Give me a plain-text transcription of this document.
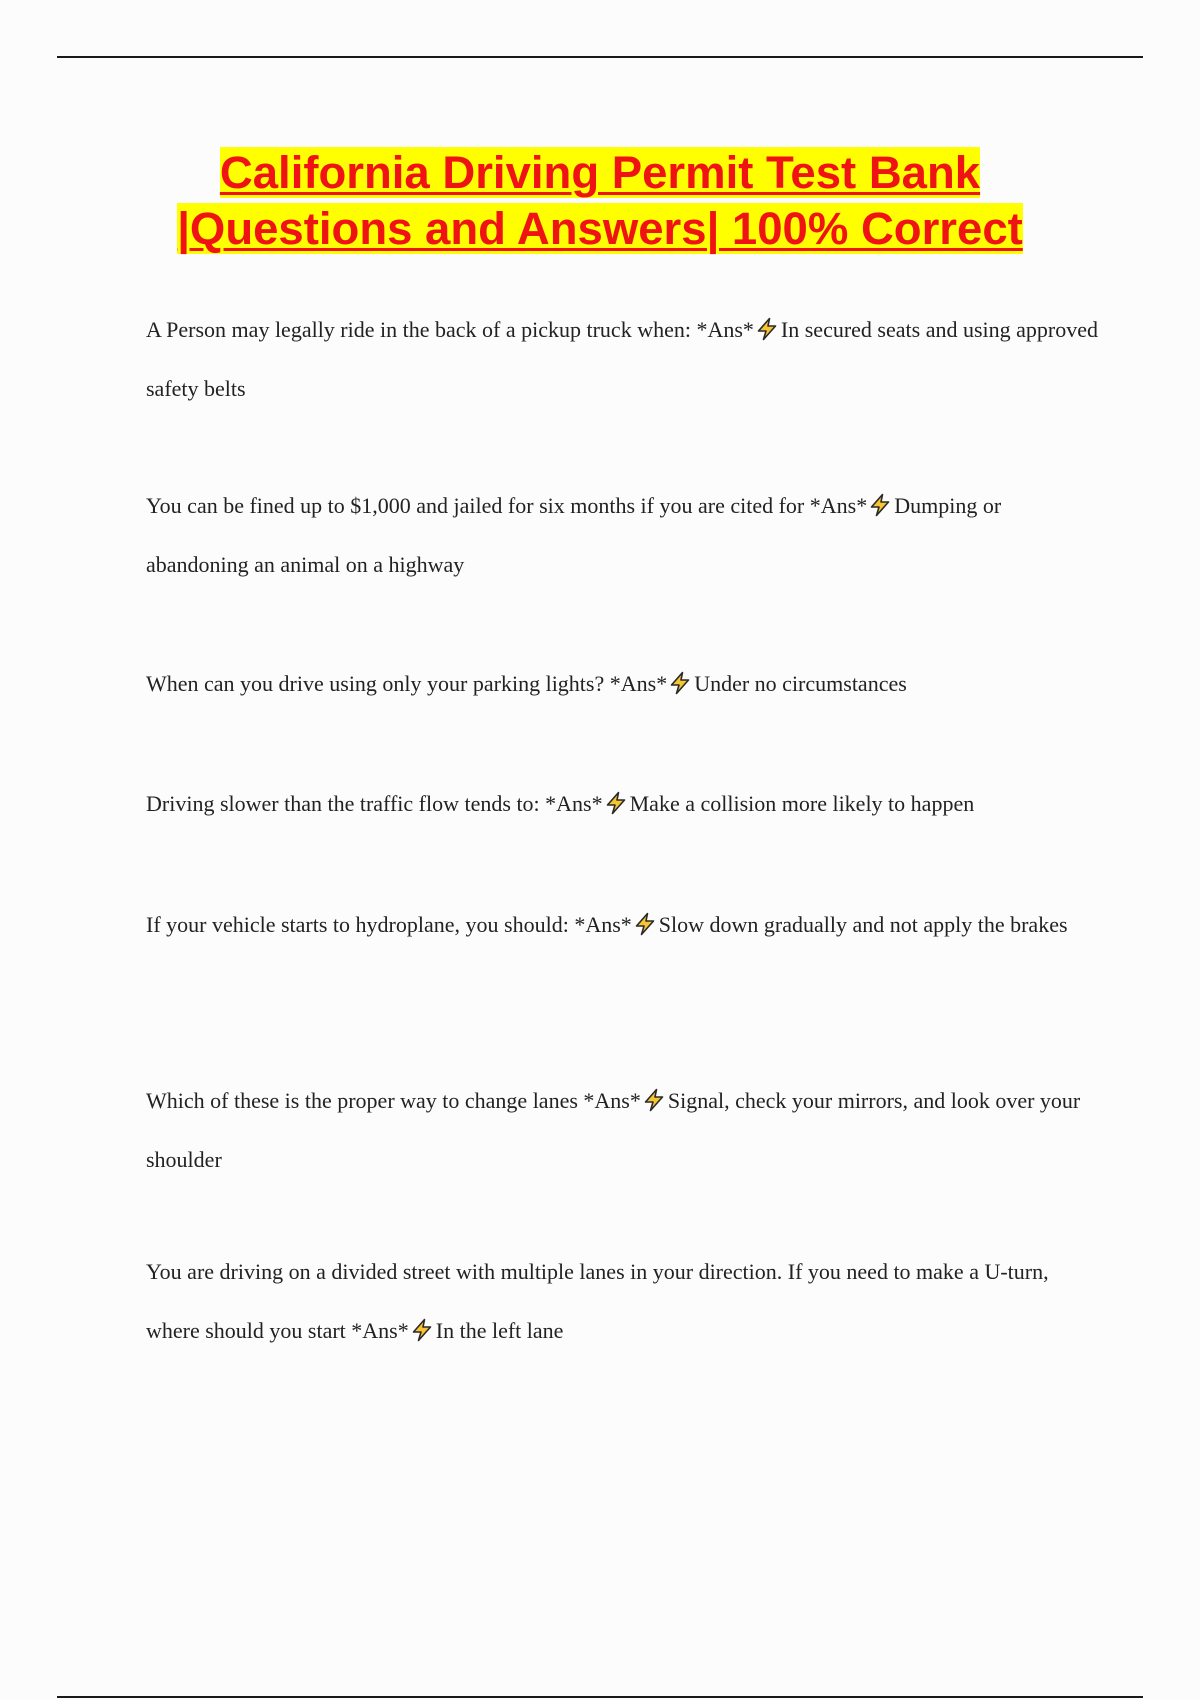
California Driving Permit Test Bank
|Questions and Answers| 100% Correct
A Person may legally ride in the back of a pickup truck when: *Ans* In secured seats and using approved safety belts
You can be fined up to $1,000 and jailed for six months if you are cited for *Ans* Dumping or abandoning an animal on a highway
When can you drive using only your parking lights? *Ans* Under no circumstances
Driving slower than the traffic flow tends to: *Ans* Make a collision more likely to happen
If your vehicle starts to hydroplane, you should: *Ans* Slow down gradually and not apply the brakes
Which of these is the proper way to change lanes *Ans* Signal, check your mirrors, and look over your shoulder
You are driving on a divided street with multiple lanes in your direction. If you need to make a U-turn, where should you start *Ans* In the left lane
